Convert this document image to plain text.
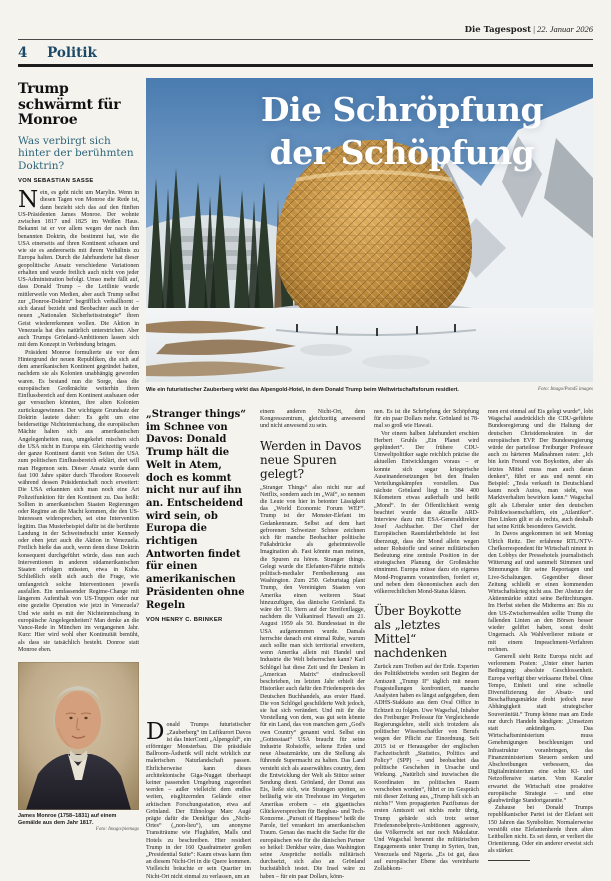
Die Tagespost | 22. Januar 2026
4 Politik
Trump schwärmt für Monroe
Was verbirgt sich hinter der berühmten Doktrin?
VON SEBASTIAN SASSE

Nein, es geht nicht um Marylin. Wenn in diesen Tagen von Monroe die Rede ist, dann bezieht sich das auf den fünften US-Präsidenten James Monroe. Der wohnte zwischen 1817 und 1825 im Weißen Haus. Bekannt ist er vor allem wegen der nach ihm benannten Doktrin, die bestimmt hat, wie die USA einerseits auf ihren Kontinent schauen und wie sie es andererseits mit ihrem Verhältnis zu Europa halten. Durch die Jahrhunderte hat dieser geopolitische Ansatz verschiedene Variationen erhalten und wurde freilich auch nicht von jeder US-Administration befolgt. Umso mehr fällt auf, dass Donald Trump – die Leitlinie wurde mittlerweile von Medien, aber auch Trump selbst zur „Donroe-Doktrin“ begrifflich verballhornt – sich darauf bezieht und Beobachter auch in der neuen „Nationalen Sicherheitsstrategie“ ihren Geist wiedererkennen wollen. Die Aktion in Venezuela hat dies natürlich unterstrichen. Aber auch Trumps Grönland-Ambitionen lassen sich mit dem Konzept in Verbindung bringen.

Präsident Monroe formulierte sie vor dem Hintergrund der neuen Republiken, die sich auf dem amerikanischen Kontinent gegründet hatten, nachdem sie als Kolonien unabhängig geworden waren. Es bestand nun die Sorge, dass die europäischen Großmächte weiterhin ihren Einflussbereich auf dem Kontinent ausbauen oder gar versuchen könnten, ihre alten Kolonien zurückzugewinnen. Der wichtigste Grundsatz der Doktrin lautete daher: Es geht um eine beiderseitige Nichteinmischung, die europäischen Mächte halten sich aus amerikanischen Angelegenheiten raus, umgekehrt mischen sich die USA nicht in Europa ein. Gleichzeitig wurde der ganze Kontinent damit von Seiten der USA zum politischen Einflussbereich erklärt, dort will man Hegemon sein. Dieser Ansatz wurde dann fast 100 Jahre später durch Theodore Roosevelt während dessen Präsidentschaft noch erweitert: Die USA erkannten sich man noch eine Art Polizeifunktion für den Kontinent zu. Das heißt: Sollten in amerikanischen Staaten Regierungen oder Regime an die Macht kommen, die den US-Interessen widersprechen, sei eine Intervention legitim. Das Musterbeispiel dafür ist die berühmte Landung in der Schweinebucht unter Kennedy oder eben jetzt auch die Aktion in Venezuela. Freilich hieße das auch, wenn denn diese Doktrin konsequent durchgeführt würde, dass nun auch Interventionen in anderen südamerikanischen Staaten erfolgen müssten, etwa in Kuba. Schließlich stellt sich auch die Frage, wie umfangreich solche Interventionen jeweils ausfallen. Ein umfassender Regime-Change mit längerem Aufenthalt von US-Truppen oder nur eine gezielte Operation wie jetzt in Venezuela? Und wie steht es mit der Nichteinmischung in europäische Angelegenheiten? Man denke an die Vance-Rede in München im vergangenen Jahr. Kurz: Hier wird wohl eher Kontinuität bemüht, als dass sie tatsächlich besteht. Donroe statt Monroe eben.

James Monroe (1758–1831) auf einem Gemälde aus dem Jahr 1817.
Foto: Imago/piemags
Die Schröpfung
der Schöpfung
Wie ein futuristischer Zauberberg wirkt das Alpengold-Hotel, in dem Donald Trump beim Weltwirtschaftsforum residiert.	Foto: Imago/Pond5 images
„Stranger things“ im Schnee von Davos: Donald Trump hält die Welt in Atem, doch es kommt nicht nur auf ihn an. Entscheidend wird sein, ob Europa die richtigen Antworten findet für einen amerikanischen Präsidenten ohne Regeln
VON HENRY C. BRINKER

Donald Trumps futuristischer „Zauberberg“ im Luftkurort Davos ist das InterConti „Alpengold“, ein eiförmiger Monsterbau. Die präsidiale Ballroom-Ästhetik will nicht wirklich zur malerischen Naturlandschaft passen. Ehrlicherweise kann dieses architektonische Giga-Nugget überhaupt keiner passenden Umgebung zugeordnet werden – außer vielleicht dem endlos weiten, eisglitzernden Gelände einer arktischen Forschungsstation, etwa auf Grönland. Der Ethnologe Marc Augé prägte dafür die Denkfigur des „Nicht-Ortes“ („non-lieu“), um anonyme Transiträume wie Flughäfen, Malls und Hotels zu beschreiben. Hier residiert Trump in der 160 Quadratmeter großen „Presidential Suite“: Kaum etwas kann ihm an diesem Nicht-Ort in die Quere kommen. Vielleicht bräuchte er sein Quartier im Nicht-Ort nicht einmal zu verlassen, um an

einem anderen Nicht-Ort, dem Kongresszentrum, gleichzeitig anwesend und nicht anwesend zu sein.

Werden in Davos neue Spuren gelegt?

„Stranger Things“ also nicht nur auf Netflix, sondern auch im „Wäf“, so nennen die Leute von hier in betonter Lässigkeit das „World Economic Forum WEF“. Trump ist der Monster-Elefant im Gedankenraum. Selbst auf dem hart gefrorenen Schweizer Schnee zeichnen sich für manche Beobachter politische Fußabdrücke als geheimnisvolle Imagination ab. Fast könnte man meinen, die Spuren zu hören. Stranger things. Gelegt wurde die Elefanten-Fährte mittels politisch-medialer Fernbedienung aus Washington. Zum 250. Geburtstag plant Trump, den Vereinigten Staaten von Amerika einen weiteren Staat hinzuzufügen, das dänische Grönland. Es wäre der 51. Stern auf der Streifenflagge, nachdem die Vulkaninsel Hawaii am 21. August 1959 als 50. Bundesstaat in die USA aufgenommen wurde. Damals herrschte danach erst einmal Ruhe, warum auch sollte man sich territorial erweitern, wenn Amerika allein mit Handel und Industrie die Welt beherrschen kann? Karl Schlögel hat diese Zeit und ihr Denken in „American Matrix“ eindrucksvoll beschrieben, im letzten Jahr erhielt der Historiker auch dafür den Friedenspreis des Deutschen Buchhandels, aus erster Hand. Die von Schlögel geschilderte Welt jedoch, sie hat sich verändert. Und mit ihr die Vorstellung von dem, was gut sein könnte für ein Land, das von manchen gern „God's own Country“ genannt wird. Selbst ein „Gottesstaat“ USA braucht für seine Industrie Rohstoffe, seltene Erden und neue Absatzmärkte, um die Stellung als führende Supermacht zu halten. Das Land versteht sich als auserwähltes country, dem die Entwicklung der Welt als Stütze seiner Sendung dient. Grönland, der Donut aus Eis, ließe sich, wie Strategen spotten, so beiläufig wie ein Treehouse im Vorgarten Amerikas erobern – ein gigantisches Glücksversprechen für Bergbau- und Tech-Konzerne. „Pursuit of Happiness“ heißt die Parole, tief verankert im amerikanischen Traum. Genau das macht die Sache für die europäischen wie für die dänischen Partner so heikel: Denkbar wäre, dass Washington seine Ansprüche notfalls militärisch durchsetzt, sich also an Grönland buchstäblich testet. Die Insel wäre zu haben – für ein paar Dollars, könn-

nen. Es ist die Schröpfung der Schöpfung für ein paar Dollars mehr. Grönland ist 78-mal so groß wie Hawaii.

Vor einem halben Jahrhundert erschien Herbert Gruhls „Ein Planet wird geplündert“. Der frühere CDU-Umweltpolitiker sagte reichlich präzise die aktuellen Entwicklungen voraus – er konnte sich sogar kriegerische Auseinandersetzungen bei den finalen Verteilungskämpfen vorstellen. Das nächste Grönland liegt in 384 400 Kilometern etwas außerhalb und heißt „Mond“. In der Öffentlichkeit wenig beachtet wurde das aktuelle ARD-Interview dazu mit ESA-Generaldirektor Josef Aschbacher. Der Chef der Europäischen Raumfahrtbehörde ist fest überzeugt, dass der Mond allein wegen seiner Rohstoffe und seiner militärischen Bedeutung eine zentrale Position in der strategischen Planung der Großmächte einnimmt. Europa müsse dazu ein eigenes Mond-Programm vorantreiben, fordert er, und neben dem ökonomischen auch den völkerrechtlichen Mond-Status klären.

Über Boykotte als „letztes Mittel“ nachdenken

Zurück zum Treiben auf der Erde. Experten des Politikbetriebs werden seit Beginn der Amtszeit „Trump II“ täglich mit neuen Fragestellungen konfrontiert, manche Analysten haben es längst aufgegeben, dem ADHS-Stakkato aus dem Oval Office in Echtzeit zu folgen. Uwe Wagschal, Inhaber des Freiburger Professur für Vergleichende Regierungslehre, stellt sich trotzdem als politischer Wissenschaftler von Berufs wegen der Pflicht zur Einordnung. Seit 2015 ist er Herausgeber der englischen Fachzeitschrift „Statistics, Politics and Policy“ (SPP) – und beobachtet das politische Geschehen in Ursache und Wirkung. „Natürlich sind inzwischen die Koordinaten im politischen Raum verschoben worden“, führt er im Gespräch mit dieser Zeitung aus, „Trump hält sich an nichts!“ Vom propagierten Pazifismus der ersten Amtszeit sei nichts mehr übrig, Trump gebärde sich trotz seiner Friedensnobelpreis-Ambitionen aggressiv, das Völkerrecht sei nur noch Makulatur. Und Wagschal benennt die militärischen Engagements unter Trump in Syrien, Iran, Venezuela und Nigeria. „Es ist gut, dass auf europäischer Ebene das vereinbarte Zollabkom-

men erst einmal auf Eis gelegt wurde“, lobt Wagschal ausdrücklich die CDU-geführte Bundesregierung und die Haltung der deutschen Christdemokraten in der europäischen EVP. Der Bundesregierung würde der parteilose Freiburger Professor auch zu härteren Maßnahmen raten: „Ich bin kein Freund von Boykotten, aber als letztes Mittel muss man auch daran denken“, führt er aus und nennt ein Beispiel: „Tesla verkauft in Deutschland kaum noch Autos, man sieht, was Marktverhalten bewirken kann.“ Wagschal gilt als Liberaler unter den deutschen Politikwissenschaftlern, ein „Atlantiker“. Den Linken gilt er als rechts, auch deshalb hat seine Kritik besonderes Gewicht.

In Davos angekommen ist seit Montag Ulrich Reitz. Der erfahrene RTL/NTV-Chefkorrespondent für Wirtschaft nimmt in den Lobbys der Pressehotels journalistisch Witterung auf und sammelt Stimmen und Stimmungen für seine Reportagen und Live-Schaltungen. Gegenüber dieser Zeitung schließt er einen kommenden Wirtschaftskrieg nicht aus. Der Absturz der Aktienmärkte stützt seine Befürchtungen. Im Herbst stehen die Midterms an: Bis zu den US-Zwischenwahlen sollte Trump die fallenden Linien an den Börsen besser wieder geliftet haben, sonst droht Ungemach. Als Wahlverlierer müsste er mit einem Impeachment-Verfahren rechnen.

Generell sieht Reitz Europa nicht auf verlorenem Posten: „Unter einer harten Bedingung: absolute Geschlossenheit. Europa verfügt über wirksame Hebel. Ohne Tempo, Einheit und eine schnelle Diversifizierung der Absatz- und Beschaffungsmärkte droht jedoch neue Abhängigkeit statt strategischer Souveränität.“ Trump könne man am Ende nur durch Handeln bändigen: „Umsetzen statt ankündigen. Das Wirtschaftsministerium muss Genehmigungen beschleunigen und Infrastruktur voranbringen, das Finanzministerium Steuern senken und Abschreibungen verbessern, das Digitalministerium eine echte KI- und Netzoffensive starten. Vom Kanzler erwartet die Wirtschaft eine proaktive europäische Strategie – und eine glaubwürdige Standortgarantie.“

Zuhause bei Donald Trumps republikanischer Partei ist der Elefant seit 150 Jahren das Symboltier. Normalerweise verstößt eine Elefantenherde ihren alten Leitbullen nicht. Es sei denn, er verliert die Orientierung. Oder ein anderer erweist sich als stärker.
